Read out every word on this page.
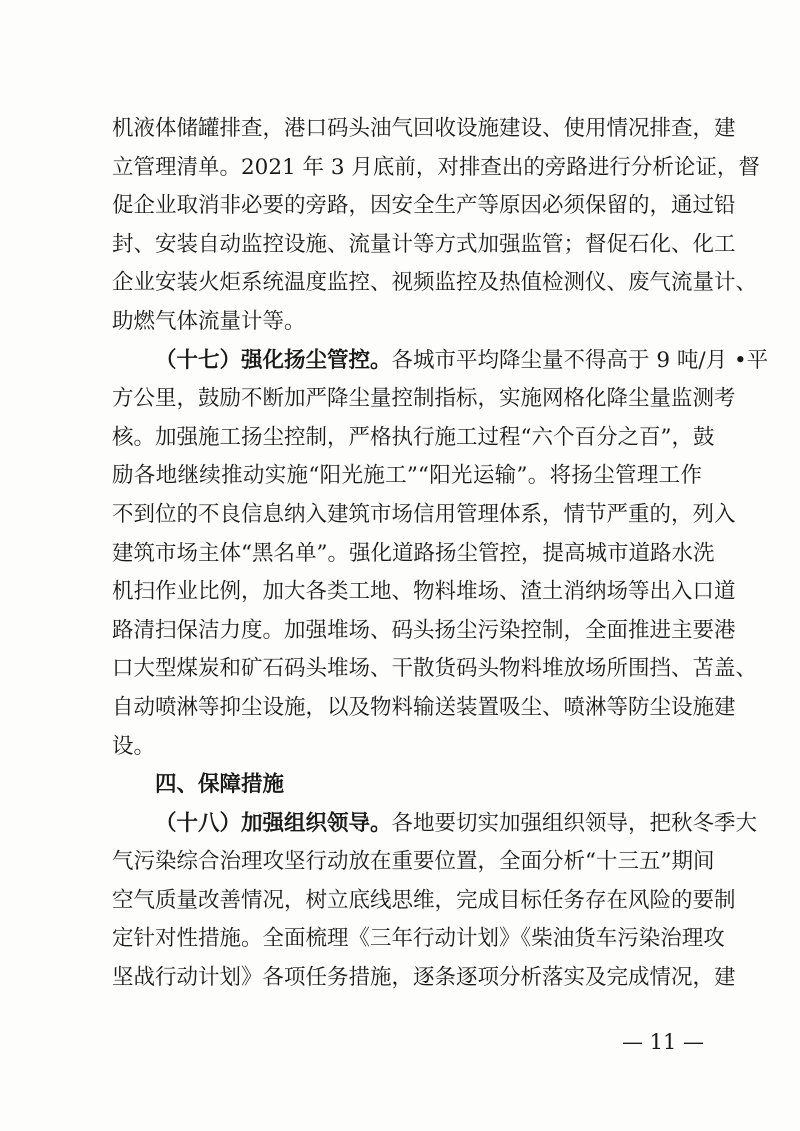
机液体储罐排查，港口码头油气回收设施建设、使用情况排查，建
立管理清单。2021 年 3 月底前，对排查出的旁路进行分析论证，督
促企业取消非必要的旁路，因安全生产等原因必须保留的，通过铅
封、安装自动监控设施、流量计等方式加强监管；督促石化、化工
企业安装火炬系统温度监控、视频监控及热值检测仪、废气流量计、
助燃气体流量计等。
（十七）强化扬尘管控。各城市平均降尘量不得高于 9 吨/月 •平
方公里，鼓励不断加严降尘量控制指标，实施网格化降尘量监测考
核。加强施工扬尘控制，严格执行施工过程“六个百分之百”，鼓
励各地继续推动实施“阳光施工”“阳光运输”。将扬尘管理工作
不到位的不良信息纳入建筑市场信用管理体系，情节严重的，列入
建筑市场主体“黑名单”。强化道路扬尘管控，提高城市道路水洗
机扫作业比例，加大各类工地、物料堆场、渣土消纳场等出入口道
路清扫保洁力度。加强堆场、码头扬尘污染控制，全面推进主要港
口大型煤炭和矿石码头堆场、干散货码头物料堆放场所围挡、苫盖、
自动喷淋等抑尘设施，以及物料输送装置吸尘、喷淋等防尘设施建
设。
四、保障措施
（十八）加强组织领导。各地要切实加强组织领导，把秋冬季大
气污染综合治理攻坚行动放在重要位置，全面分析“十三五”期间
空气质量改善情况，树立底线思维，完成目标任务存在风险的要制
定针对性措施。全面梳理《三年行动计划》《柴油货车污染治理攻
坚战行动计划》各项任务措施，逐条逐项分析落实及完成情况，建
— 11 —
